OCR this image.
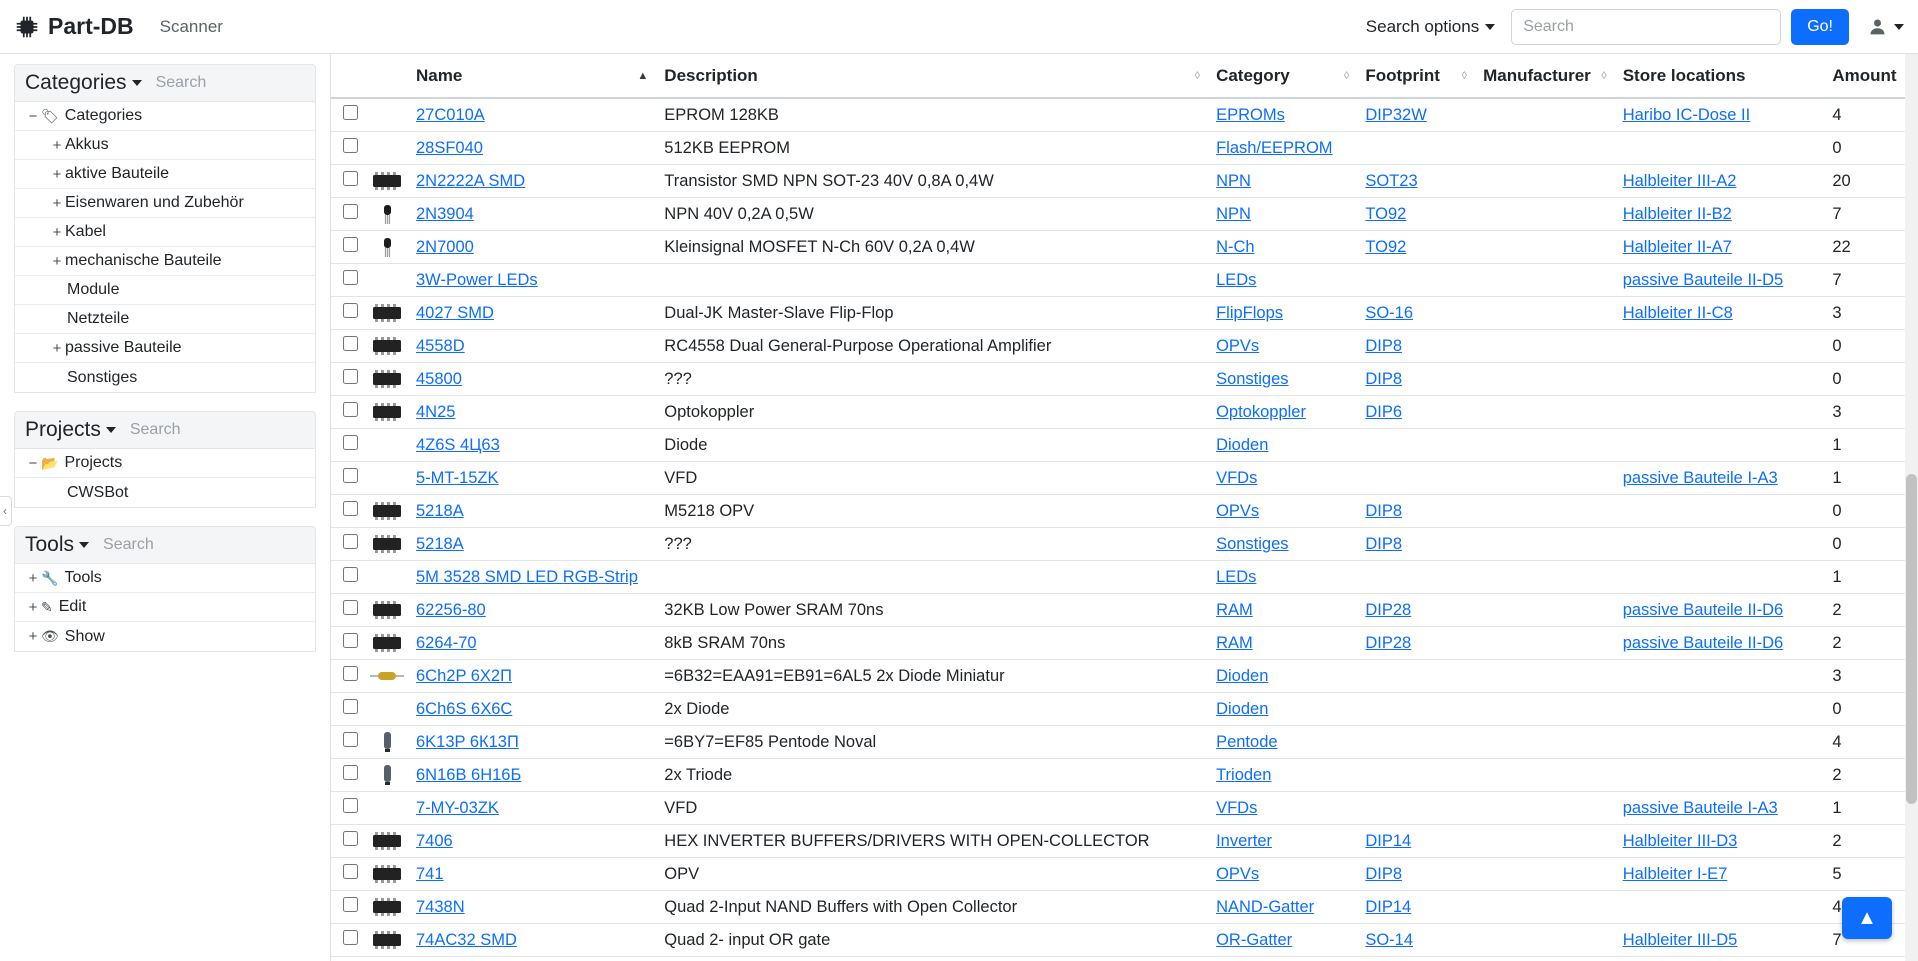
Part-DB Scanner	Search options
Search	Go!
Categories
Search
− 🏷 Categories
+ Akkus
+ aktive Bauteile
+ Eisenwaren und Zubehör
+ Kabel
+ mechanische Bauteile
Module
Netzteile
+ passive Bauteile
Sonstiges
Projects
Search
− 📂 Projects
CWSBot
Tools
Search
+ 🔧 Tools
+ ✎ Edit
+ 👁 Show
‹

		Name ▲	Description ◊	Category ◊	Footprint ◊	Manufacturer ◊	Store locations	Amount

		27C010A	EPROM 128KB	EPROMs	DIP32W		Haribo IC-Dose II	4
		28SF040	512KB EEPROM	Flash/EEPROM				0
		2N2222A SMD	Transistor SMD NPN SOT-23 40V 0,8A 0,4W	NPN	SOT23		Halbleiter III-A2	20
		2N3904	NPN 40V 0,2A 0,5W	NPN	TO92		Halbleiter II-B2	7
		2N7000	Kleinsignal MOSFET N-Ch 60V 0,2A 0,4W	N-Ch	TO92		Halbleiter II-A7	22
		3W-Power LEDs		LEDs			passive Bauteile II-D5	7
		4027 SMD	Dual-JK Master-Slave Flip-Flop	FlipFlops	SO-16		Halbleiter II-C8	3
		4558D	RC4558 Dual General-Purpose Operational Amplifier	OPVs	DIP8			0
		45800	???	Sonstiges	DIP8			0
		4N25	Optokoppler	Optokoppler	DIP6			3
		4Z6S 4Ц63	Diode	Dioden				1
		5-MT-15ZK	VFD	VFDs			passive Bauteile I-A3	1
		5218A	M5218 OPV	OPVs	DIP8			0
		5218A	???	Sonstiges	DIP8			0
		5M 3528 SMD LED RGB-Strip		LEDs				1
		62256-80	32KB Low Power SRAM 70ns	RAM	DIP28		passive Bauteile II-D6	2
		6264-70	8kB SRAM 70ns	RAM	DIP28		passive Bauteile II-D6	2
		6Ch2P 6Х2П	=6B32=EAA91=EB91=6AL5 2x Diode Miniatur	Dioden				3
		6Ch6S 6Х6С	2x Diode	Dioden				0
		6K13P 6К13П	=6BY7=EF85 Pentode Noval	Pentode				4
		6N16B 6Н16Б	2x Triode	Trioden				2
		7-MY-03ZK	VFD	VFDs			passive Bauteile I-A3	1
		7406	HEX INVERTER BUFFERS/DRIVERS WITH OPEN-COLLECTOR	Inverter	DIP14		Halbleiter III-D3	2
		741	OPV	OPVs	DIP8		Halbleiter I-E7	5
		7438N	Quad 2-Input NAND Buffers with Open Collector	NAND-Gatter	DIP14			4
		74AC32 SMD	Quad 2- input OR gate	OR-Gatter	SO-14		Halbleiter III-D5	7
▲
